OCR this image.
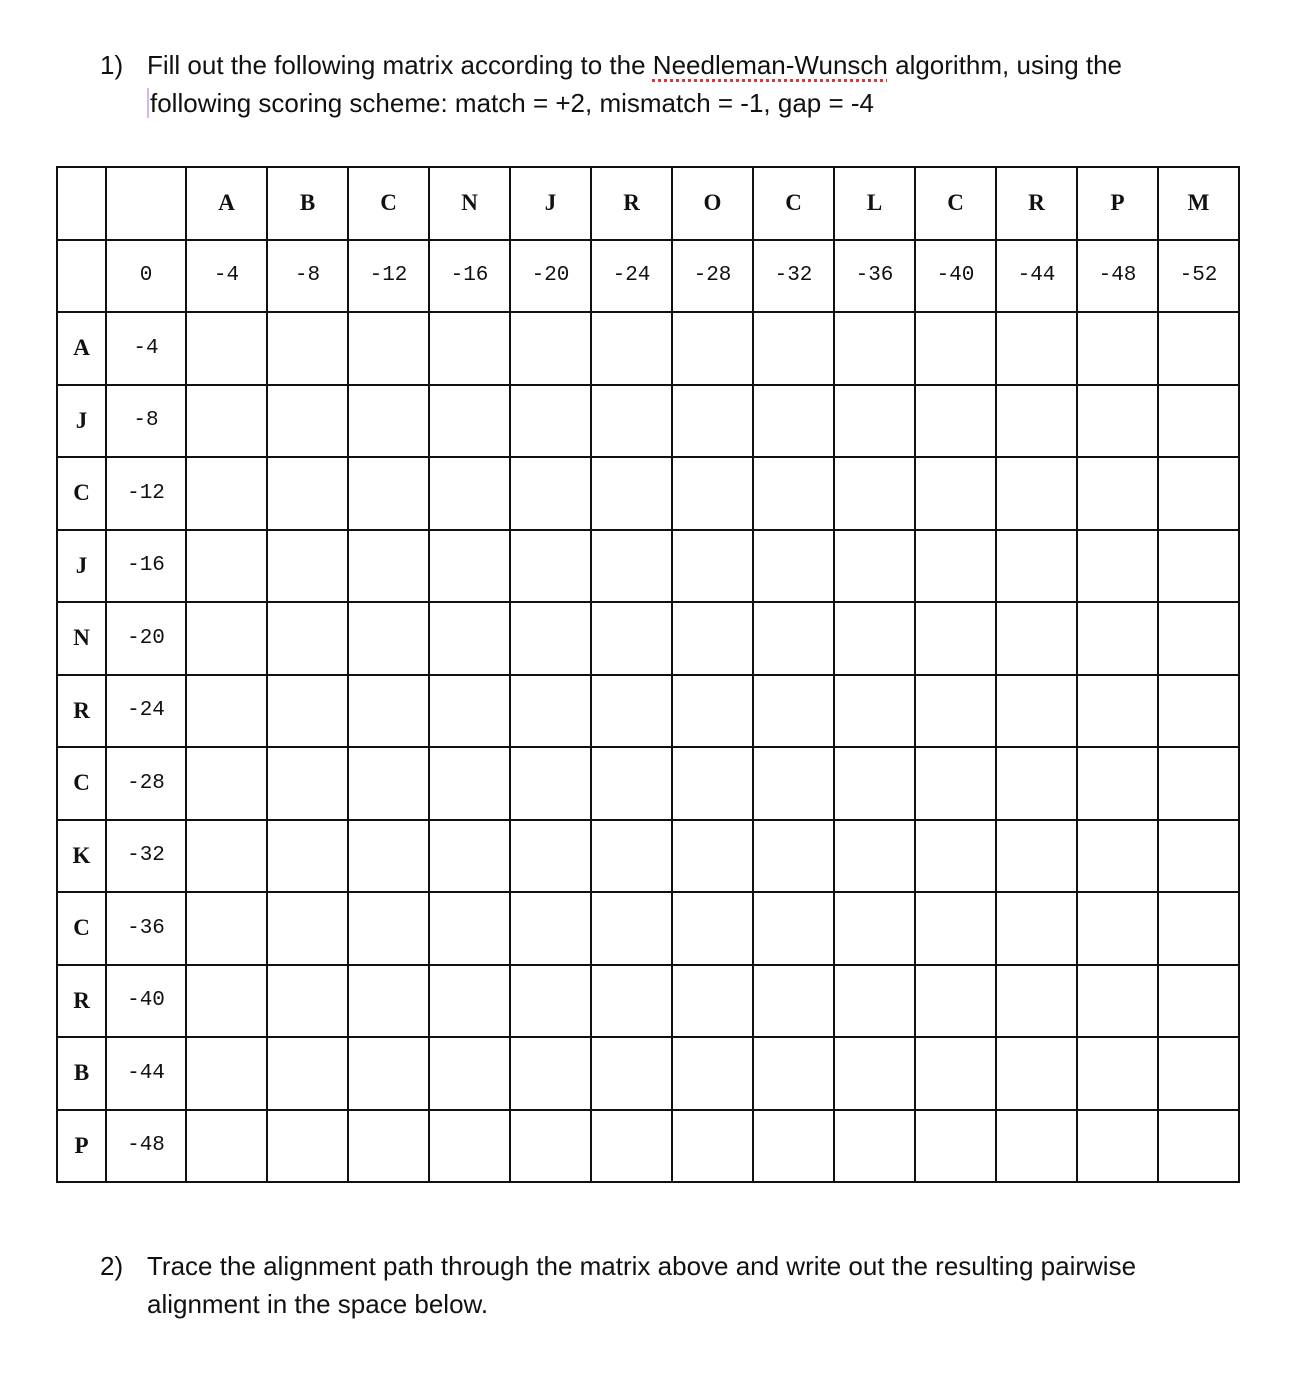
1) Fill out the following matrix according to the Needleman-Wunsch algorithm, using the
following scoring scheme: match = +2, mismatch = -1, gap = -4
		A	B	C	N	J	R	O	C	L	C	R	P	M
	0	-4	-8	-12	-16	-20	-24	-28	-32	-36	-40	-44	-48	-52
A	-4													
J	-8													
C	-12													
J	-16													
N	-20													
R	-24													
C	-28													
K	-32													
C	-36													
R	-40													
B	-44													
P	-48													
2) Trace the alignment path through the matrix above and write out the resulting pairwise
alignment in the space below.
